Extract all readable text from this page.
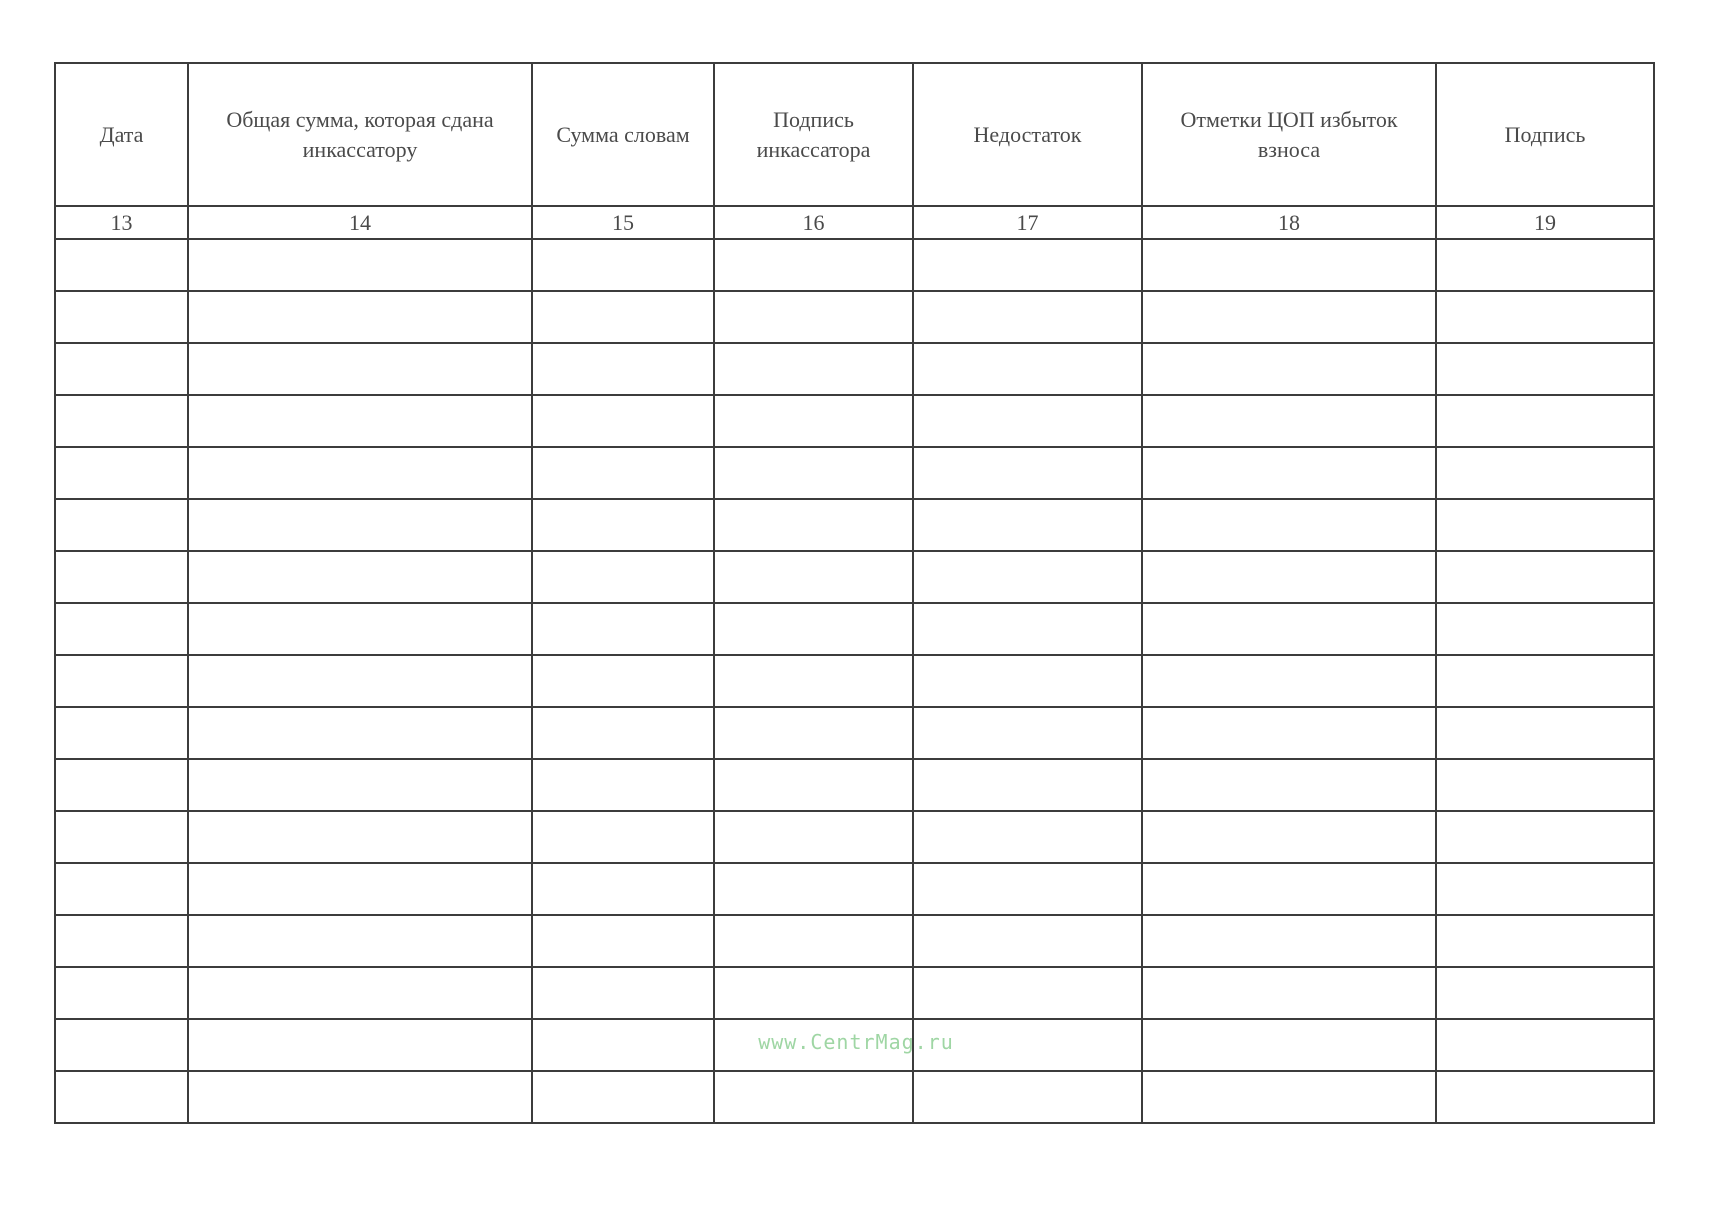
Дата	Общая сумма, которая сдана инкассатору	Сумма словам	Подпись инкассатора	Недостаток	Отметки ЦОП избыток взноса	Подпись
13	14	15	16	17	18	19

www.CentrMag.ru
